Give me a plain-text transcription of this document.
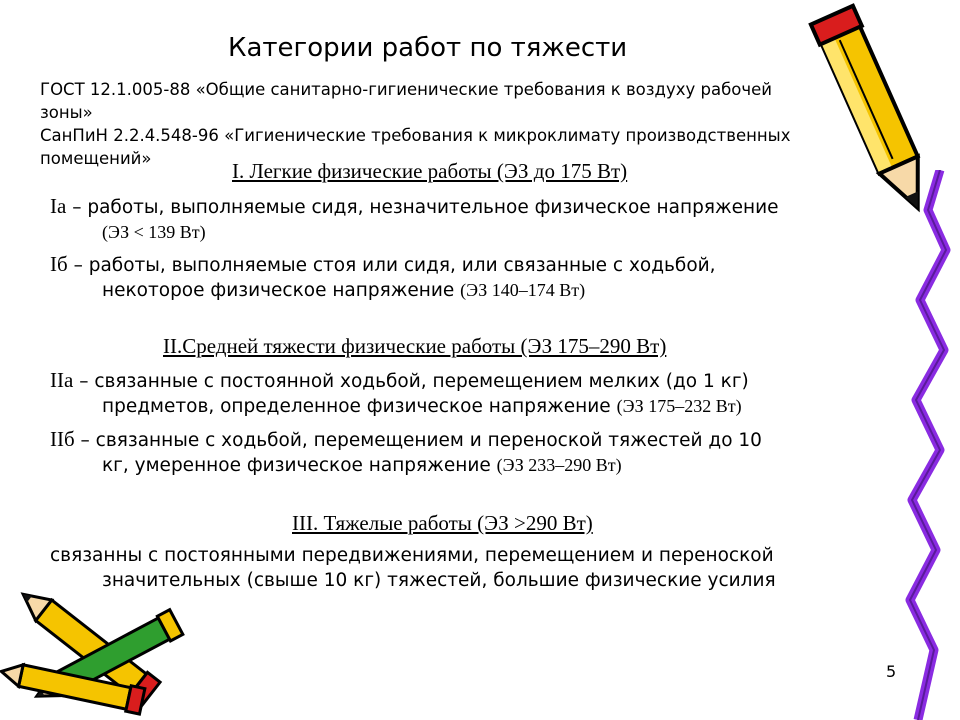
Категории работ по тяжести
ГОСТ 12.1.005-88 «Общие санитарно-гигиенические требования к воздуху рабочей
зоны»
СанПиН 2.2.4.548-96 «Гигиенические требования к микроклимату производственных
помещений»
I. Легкие физические работы (ЭЗ до 175 Вт)
Iа – работы, выполняемые сидя, незначительное физическое напряжение
(ЭЗ < 139 Вт)
Iб – работы, выполняемые стоя или сидя, или связанные с ходьбой,
некоторое физическое напряжение (ЭЗ 140–174 Вт)
II.Средней тяжести физические работы (ЭЗ 175–290 Вт)
IIа – связанные с постоянной ходьбой, перемещением мелких (до 1 кг)
предметов, определенное физическое напряжение (ЭЗ 175–232 Вт)
IIб – связанные с ходьбой, перемещением и переноской тяжестей до 10
кг, умеренное физическое напряжение (ЭЗ 233–290 Вт)
III. Тяжелые работы (ЭЗ >290 Вт)
связанны с постоянными передвижениями, перемещением и переноской
значительных (свыше 10 кг) тяжестей, большие физические усилия
5
